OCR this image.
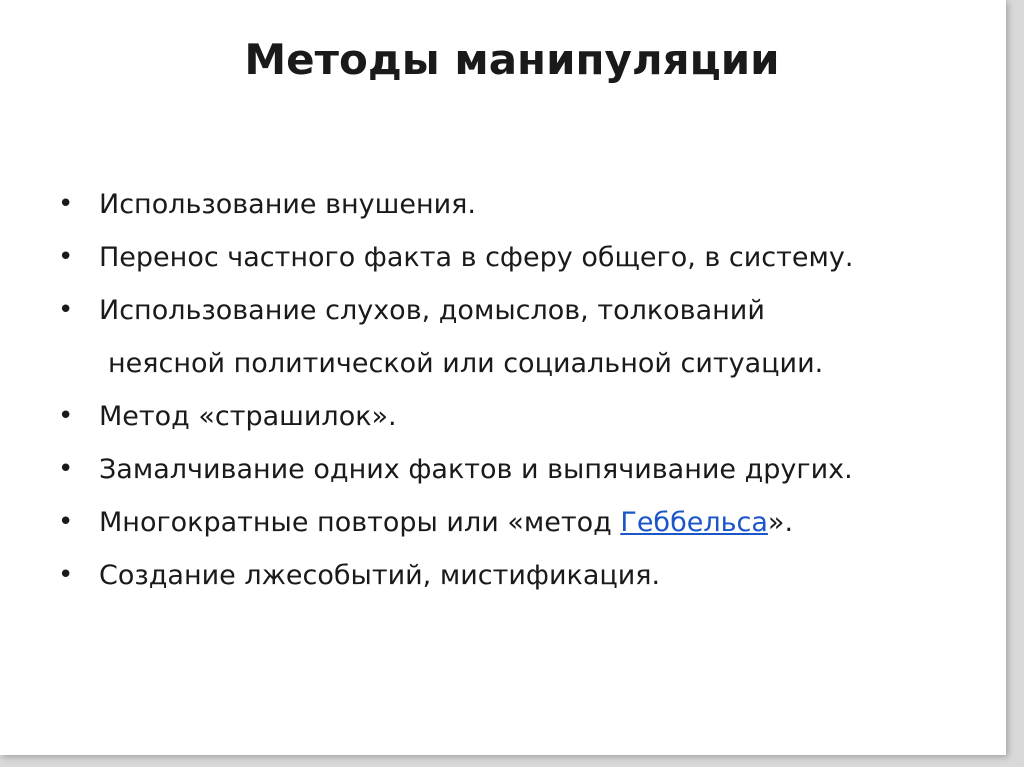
Методы манипуляции
• Использование внушения.
• Перенос частного факта в сферу общего, в систему.
• Использование слухов, домыслов, толкований
неясной политической или социальной ситуации.
• Метод «страшилок».
• Замалчивание одних фактов и выпячивание других.
• Многократные повторы или «метод Геббельса».
• Создание лжесобытий, мистификация.
